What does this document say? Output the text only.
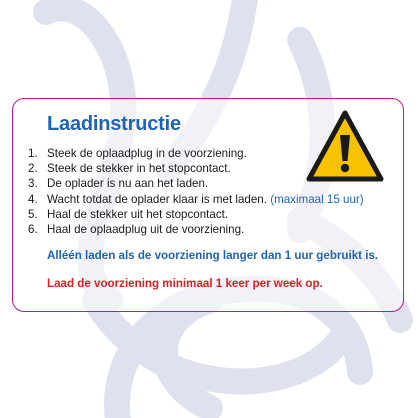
Laadinstructie
1. Steek de oplaadplug in de voorziening.
2. Steek de stekker in het stopcontact.
3. De oplader is nu aan het laden.
4. Wacht totdat de oplader klaar is met laden. (maximaal 15 uur)
5. Haal de stekker uit het stopcontact.
6. Haal de oplaadplug uit de voorziening.

Alléén laden als de voorziening langer dan 1 uur gebruikt is.

Laad de voorziening minimaal 1 keer per week op.
